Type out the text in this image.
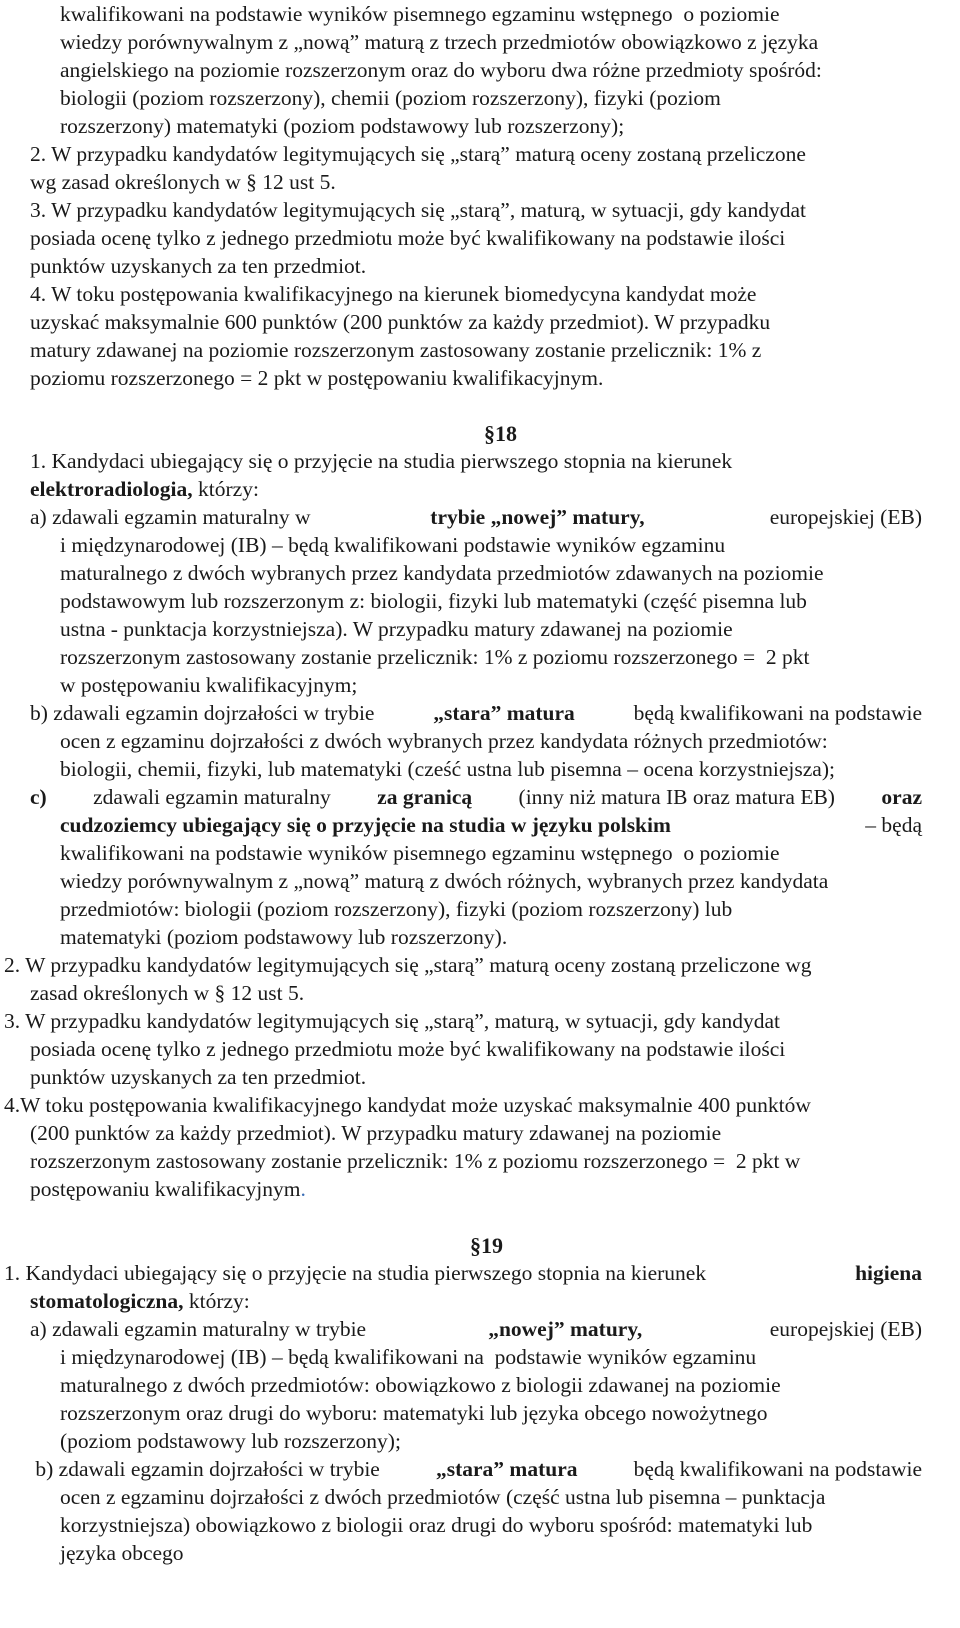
kwalifikowani na podstawie wyników pisemnego egzaminu wstępnego  o poziomie
wiedzy porównywalnym z „nową” maturą z trzech przedmiotów obowiązkowo z języka
angielskiego na poziomie rozszerzonym oraz do wyboru dwa różne przedmioty spośród:
biologii (poziom rozszerzony), chemii (poziom rozszerzony), fizyki (poziom
rozszerzony) matematyki (poziom podstawowy lub rozszerzony);
2. W przypadku kandydatów legitymujących się „starą” maturą oceny zostaną przeliczone
wg zasad określonych w § 12 ust 5.
3. W przypadku kandydatów legitymujących się „starą”, maturą, w sytuacji, gdy kandydat
posiada ocenę tylko z jednego przedmiotu może być kwalifikowany na podstawie ilości
punktów uzyskanych za ten przedmiot.
4. W toku postępowania kwalifikacyjnego na kierunek biomedycyna kandydat może
uzyskać maksymalnie 600 punktów (200 punktów za każdy przedmiot). W przypadku
matury zdawanej na poziomie rozszerzonym zastosowany zostanie przelicznik: 1% z
poziomu rozszerzonego = 2 pkt w postępowaniu kwalifikacyjnym.
§18
1. Kandydaci ubiegający się o przyjęcie na studia pierwszego stopnia na kierunek
elektroradiologia, którzy:
a) zdawali egzamin maturalny w	trybie „nowej” matury,	europejskiej (EB)
i międzynarodowej (IB) – będą kwalifikowani podstawie wyników egzaminu
maturalnego z dwóch wybranych przez kandydata przedmiotów zdawanych na poziomie
podstawowym lub rozszerzonym z: biologii, fizyki lub matematyki (część pisemna lub
ustna - punktacja korzystniejsza). W przypadku matury zdawanej na poziomie
rozszerzonym zastosowany zostanie przelicznik: 1% z poziomu rozszerzonego =  2 pkt
w postępowaniu kwalifikacyjnym;
b) zdawali egzamin dojrzałości w trybie „stara” matura będą kwalifikowani na podstawie
ocen z egzaminu dojrzałości z dwóch wybranych przez kandydata różnych przedmiotów:
biologii, chemii, fizyki, lub matematyki (cześć ustna lub pisemna – ocena korzystniejsza);
c) zdawali egzamin maturalny za granicą (inny niż matura IB oraz matura EB) oraz
cudzoziemcy ubiegający się o przyjęcie na studia w języku polskim	– będą
kwalifikowani na podstawie wyników pisemnego egzaminu wstępnego  o poziomie
wiedzy porównywalnym z „nową” maturą z dwóch różnych, wybranych przez kandydata
przedmiotów: biologii (poziom rozszerzony), fizyki (poziom rozszerzony) lub
matematyki (poziom podstawowy lub rozszerzony).
2. W przypadku kandydatów legitymujących się „starą” maturą oceny zostaną przeliczone wg
zasad określonych w § 12 ust 5.
3. W przypadku kandydatów legitymujących się „starą”, maturą, w sytuacji, gdy kandydat
posiada ocenę tylko z jednego przedmiotu może być kwalifikowany na podstawie ilości
punktów uzyskanych za ten przedmiot.
4.W toku postępowania kwalifikacyjnego kandydat może uzyskać maksymalnie 400 punktów
(200 punktów za każdy przedmiot). W przypadku matury zdawanej na poziomie
rozszerzonym zastosowany zostanie przelicznik: 1% z poziomu rozszerzonego =  2 pkt w
postępowaniu kwalifikacyjnym.
§19
1. Kandydaci ubiegający się o przyjęcie na studia pierwszego stopnia na kierunek	higiena
stomatologiczna, którzy:
a) zdawali egzamin maturalny w trybie	„nowej” matury,	europejskiej (EB)
i międzynarodowej (IB) – będą kwalifikowani na  podstawie wyników egzaminu
maturalnego z dwóch przedmiotów: obowiązkowo z biologii zdawanej na poziomie
rozszerzonym oraz drugi do wyboru: matematyki lub języka obcego nowożytnego
(poziom podstawowy lub rozszerzony);
b) zdawali egzamin dojrzałości w trybie „stara” matura będą kwalifikowani na podstawie
ocen z egzaminu dojrzałości z dwóch przedmiotów (część ustna lub pisemna – punktacja
korzystniejsza) obowiązkowo z biologii oraz drugi do wyboru spośród: matematyki lub
języka obcego
